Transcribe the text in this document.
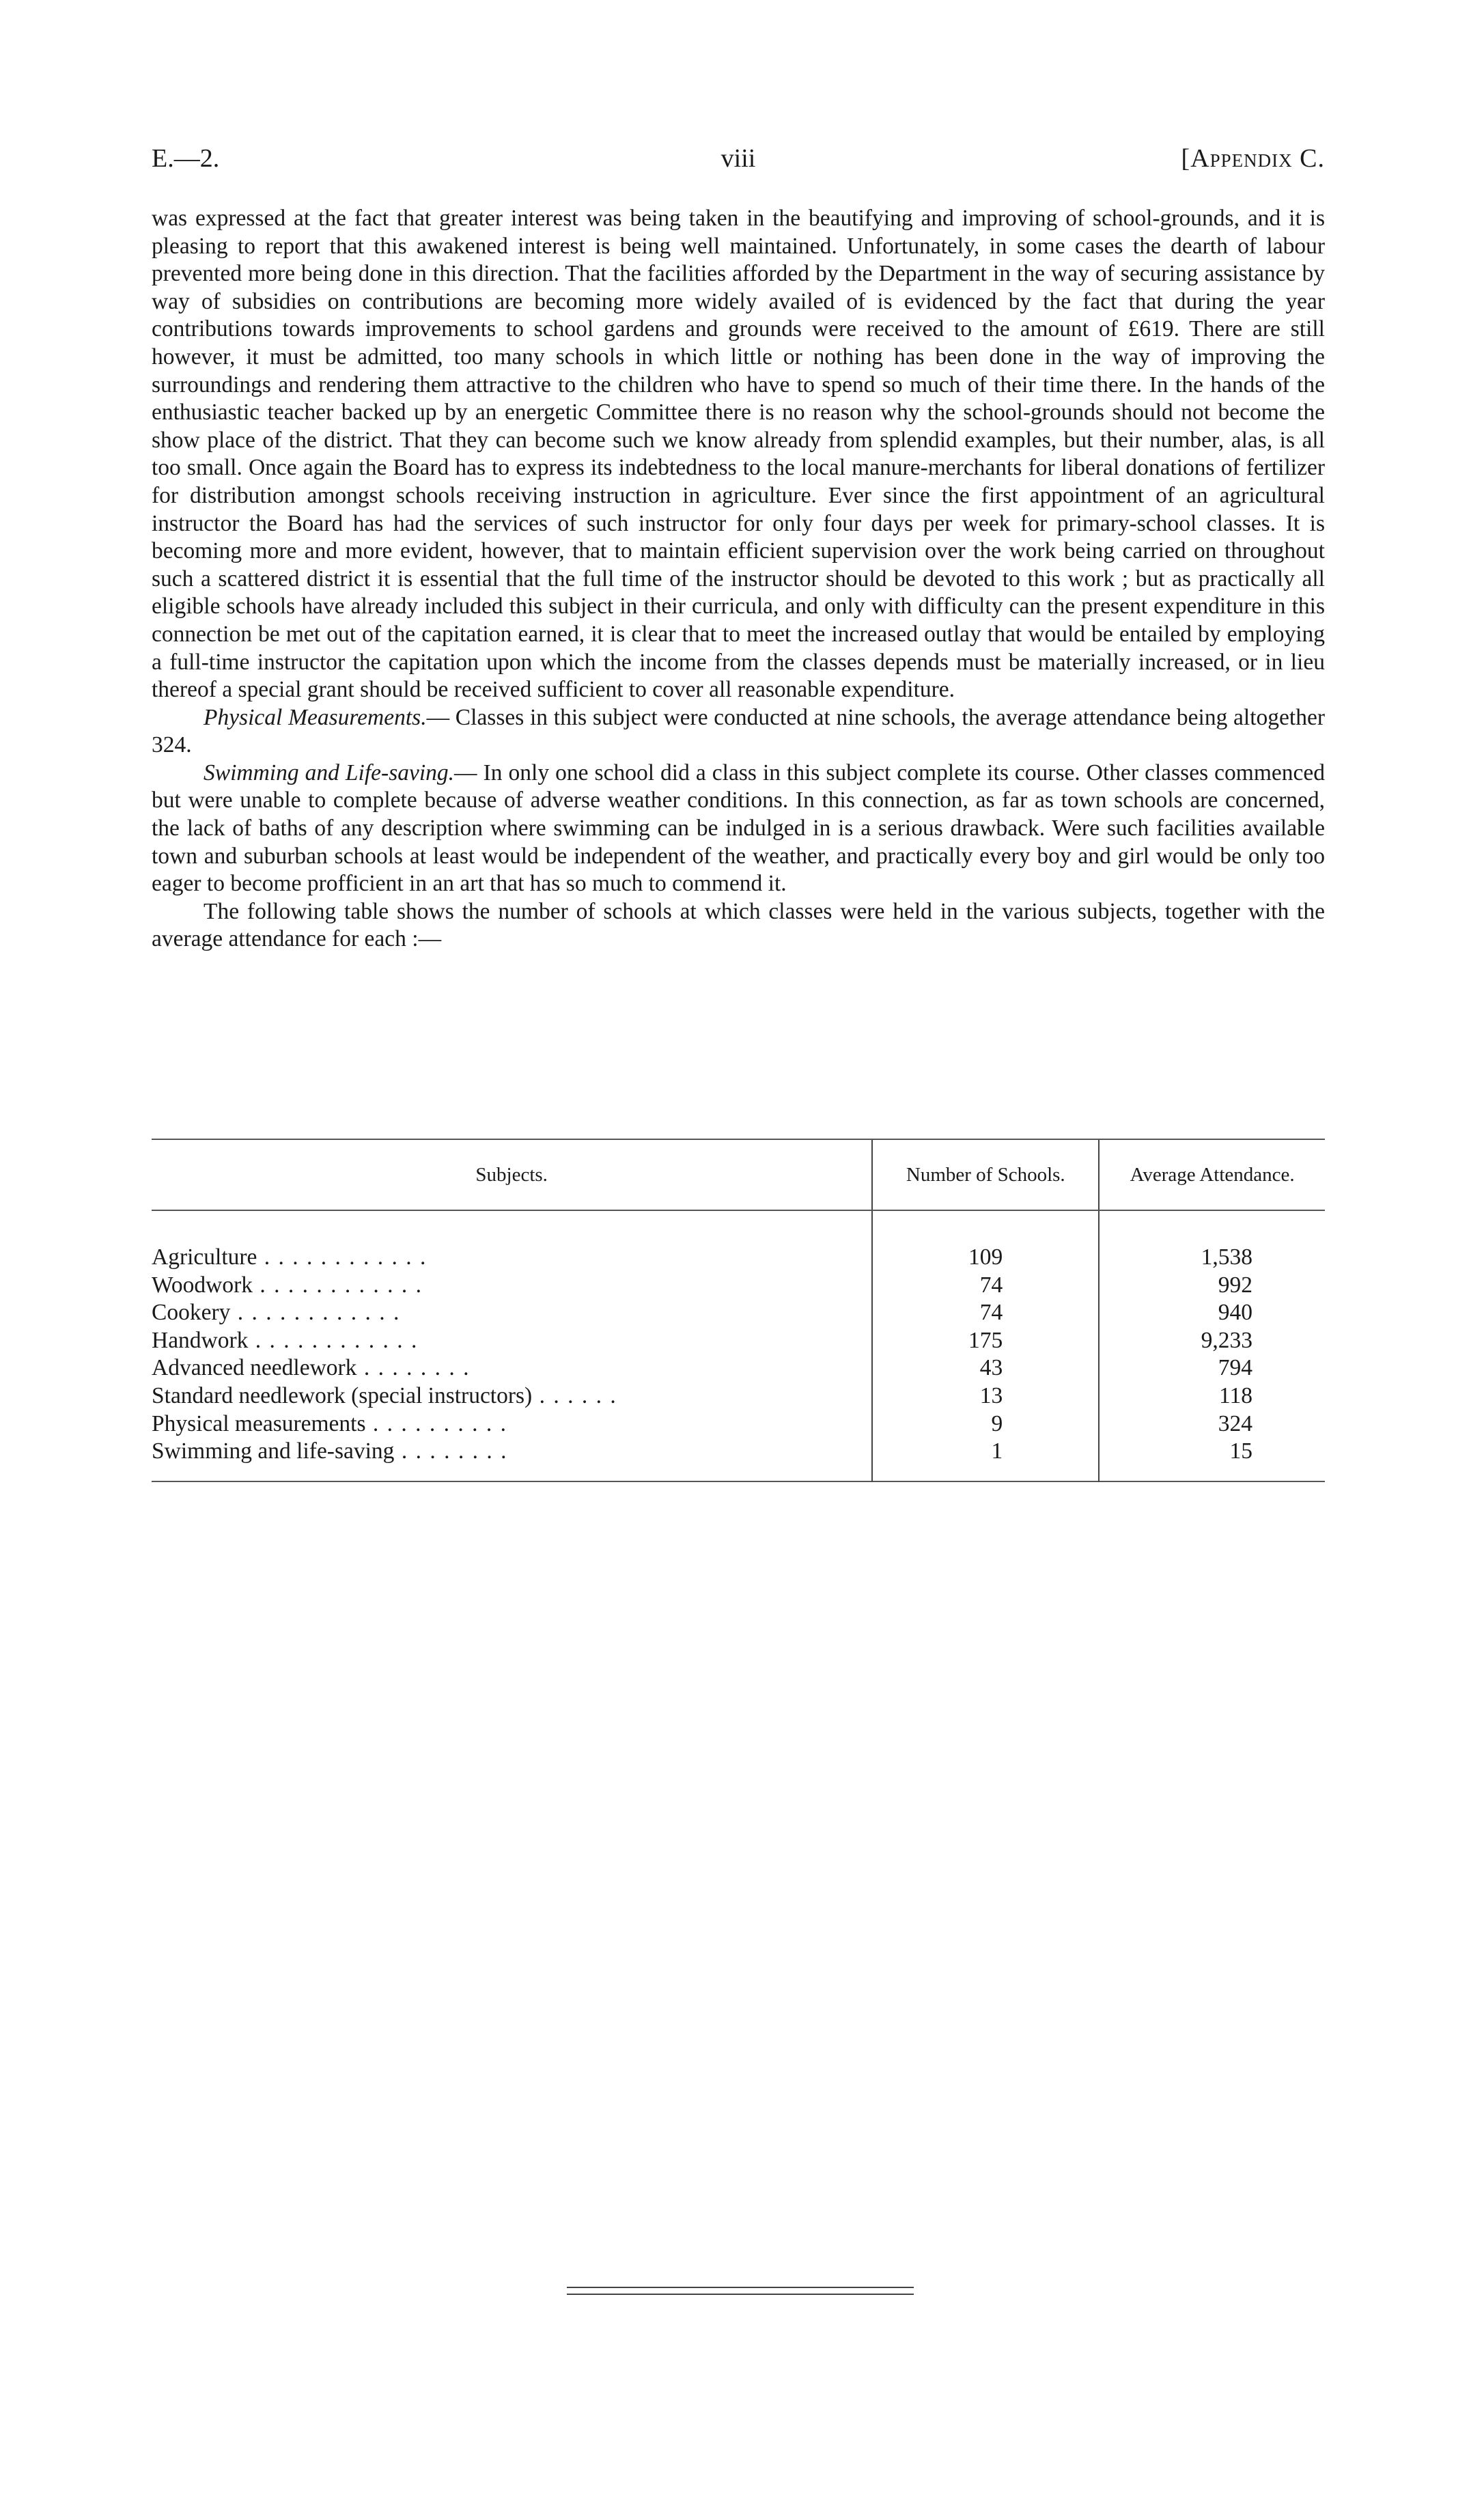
E.—2.	viii	[Appendix C.

was expressed at the fact that greater interest was being taken in the beautifying and improving of school-grounds, and it is pleasing to report that this awakened interest is being well maintained. Unfortunately, in some cases the dearth of labour prevented more being done in this direction. That the facilities afforded by the Department in the way of securing assistance by way of subsidies on contributions are becoming more widely availed of is evidenced by the fact that during the year contributions towards improvements to school gardens and grounds were received to the amount of £619. There are still however, it must be admitted, too many schools in which little or nothing has been done in the way of improving the surroundings and rendering them attractive to the children who have to spend so much of their time there. In the hands of the enthusiastic teacher backed up by an energetic Committee there is no reason why the school-grounds should not become the show place of the district. That they can become such we know already from splendid examples, but their number, alas, is all too small. Once again the Board has to express its indebtedness to the local manure-merchants for liberal donations of fertilizer for distribution amongst schools receiving instruction in agriculture. Ever since the first appointment of an agricultural instructor the Board has had the services of such instructor for only four days per week for primary-school classes. It is becoming more and more evident, however, that to maintain efficient supervision over the work being carried on throughout such a scattered district it is essential that the full time of the instructor should be devoted to this work ; but as practically all eligible schools have already included this subject in their curricula, and only with difficulty can the present expenditure in this connection be met out of the capitation earned, it is clear that to meet the increased outlay that would be entailed by employing a full-time instructor the capitation upon which the income from the classes depends must be materially increased, or in lieu thereof a special grant should be received sufficient to cover all reasonable expenditure.

Physical Measurements.— Classes in this subject were conducted at nine schools, the average attendance being altogether 324.

Swimming and Life-saving.— In only one school did a class in this subject complete its course. Other classes commenced but were unable to complete because of adverse weather conditions. In this connection, as far as town schools are concerned, the lack of baths of any description where swimming can be indulged in is a serious drawback. Were such facilities available town and suburban schools at least would be independent of the weather, and practically every boy and girl would be only too eager to become profficient in an art that has so much to commend it.

The following table shows the number of schools at which classes were held in the various subjects, together with the average attendance for each :—

Subjects.	Number of Schools.	Average Attendance.

Agriculture . . . . . . . . . . . .	109	1,538
Woodwork . . . . . . . . . . . .	74	992
Cookery . . . . . . . . . . . .	74	940
Handwork . . . . . . . . . . . .	175	9,233
Advanced needlework . . . . . . . .	43	794
Standard needlework (special instructors) . . . . . .	13	118
Physical measurements . . . . . . . . . .	9	324
Swimming and life-saving . . . . . . . .	1	15
